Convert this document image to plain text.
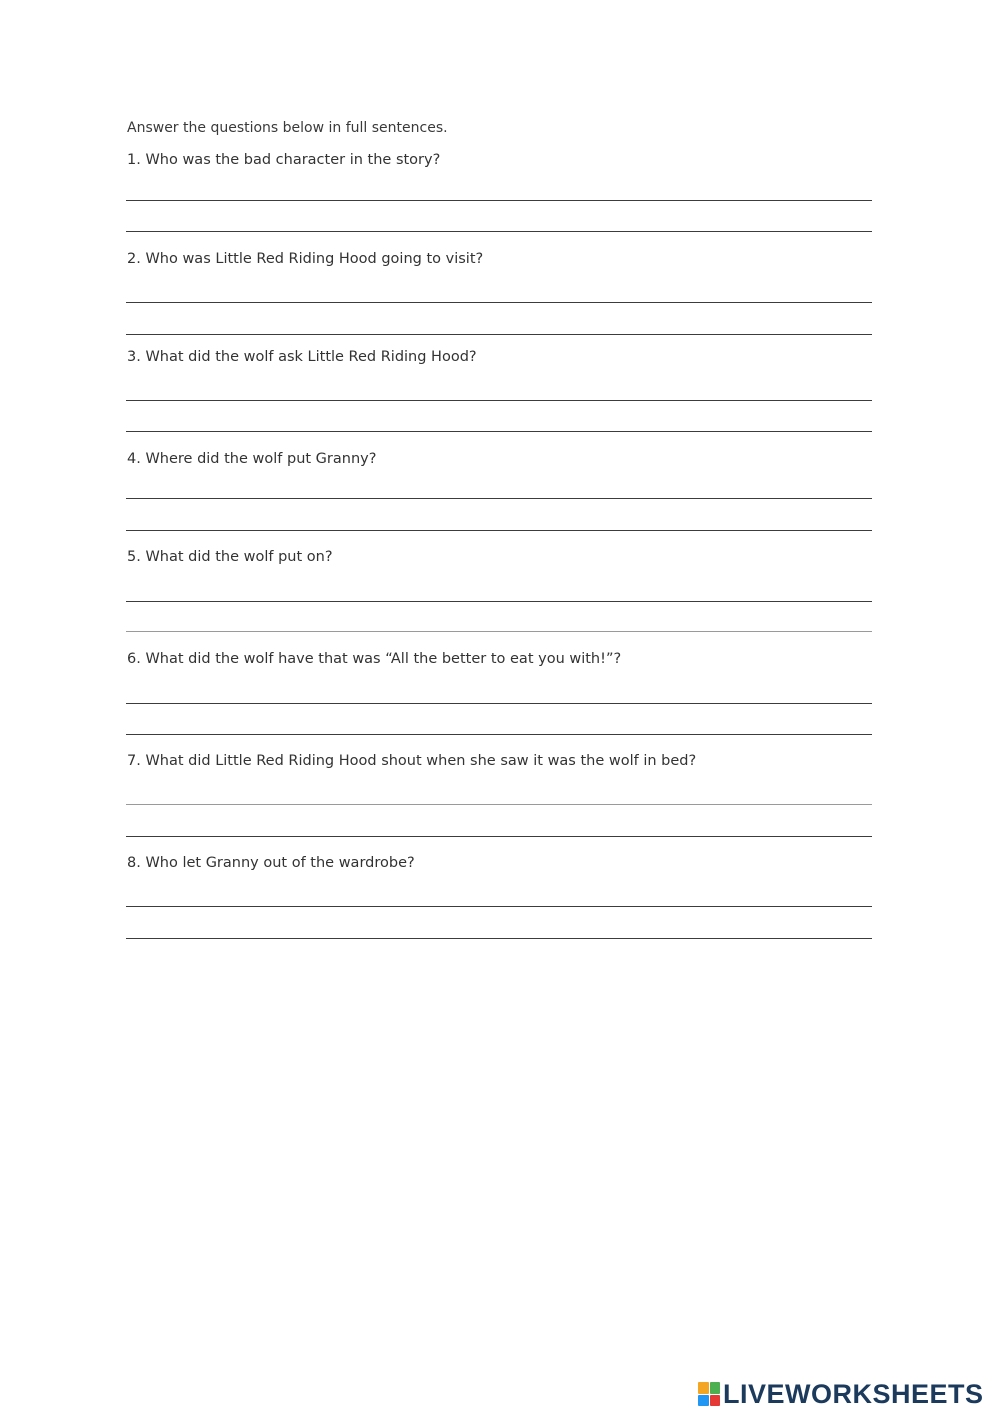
Answer the questions below in full sentences.
1. Who was the bad character in the story?
2. Who was Little Red Riding Hood going to visit?
3. What did the wolf ask Little Red Riding Hood?
4. Where did the wolf put Granny?
5. What did the wolf put on?
6. What did the wolf have that was “All the better to eat you with!”?
7. What did Little Red Riding Hood shout when she saw it was the wolf in bed?
8. Who let Granny out of the wardrobe?
LIVEWORKSHEETS
